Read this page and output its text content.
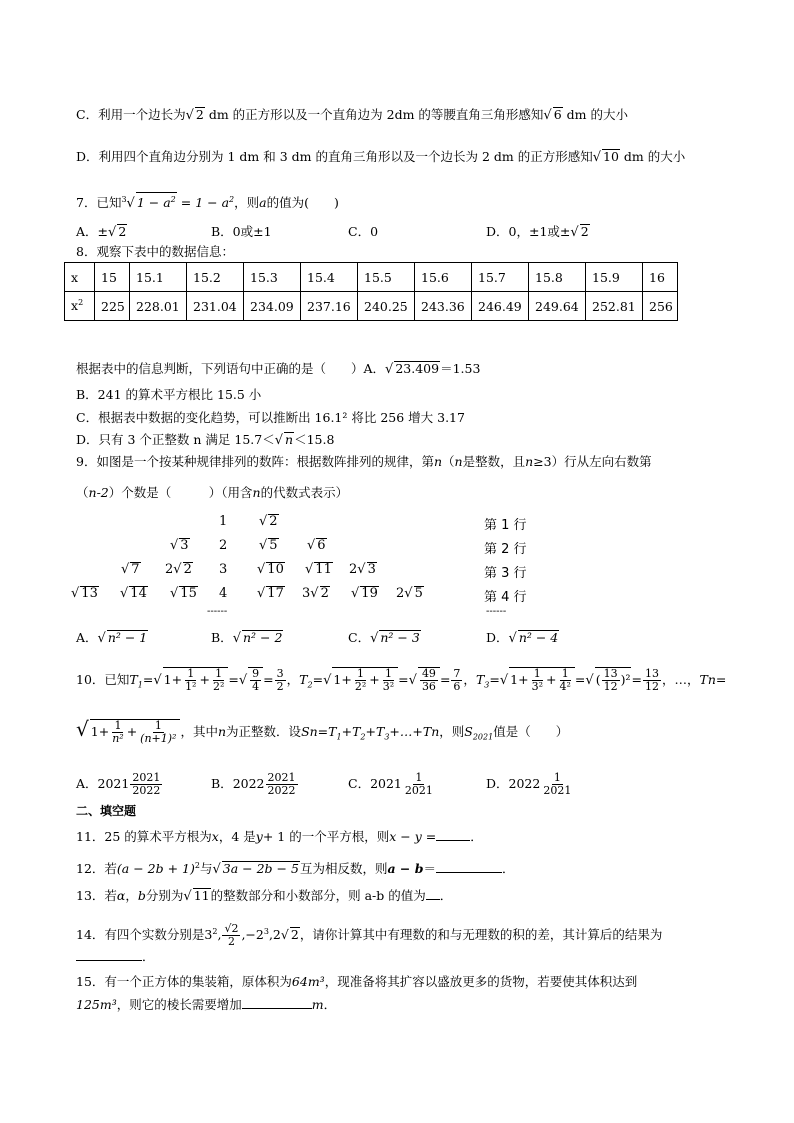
C．利用一个边长为√ 2 dm 的正方形以及一个直角边为 2dm 的等腰直角三角形感知√ 6 dm 的大小
D．利用四个直角边分别为 1 dm 和 3 dm 的直角三角形以及一个边长为 2 dm 的正方形感知√ 10 dm 的大小
7．已知$^3$√ $1 - a^2 = 1 - a^2$，则a的值为(　　)
A．±√ 2	B．0或±1	C．0	D．0，±1或±√ 2
8．观察下表中的数据信息：
x	15	15.1	15.2	15.3	15.4	15.5	15.6	15.7	15.8	15.9	16
$x^2$	225	228.01	231.04	234.09	237.16	240.25	243.36	246.49	249.64	252.81	256
根据表中的信息判断，下列语句中正确的是（　　）A．√ 23.409＝1.53
B．241 的算术平方根比 15.5 小
C．根据表中数据的变化趋势，可以推断出 16.1² 将比 256 增大 3.17
D．只有 3 个正整数 n 满足 15.7＜√ n＜15.8
9．如图是一个按某种规律排列的数阵：根据数阵排列的规律，第n（n是整数，且n≥3）行从左向右数第
（n-2）个数是（　　　）（用含n的代数式表示）
1 √ 2
√ 3 2 √ 5 √ 6
√ 7 2√ 2 3 √ 10 √ 11 2√ 3
√ 13 √ 14 √ 15 4 √ 17 3√ 2 √ 19 2√ 5
------	------
第 1 行
第 2 行
第 3 行
第 4 行
A．√ n² − 1	B．√ n² − 2	C．√ n² − 3	D．√ n² − 4
10．已知$T_1=√$ $1+ \frac{1}{\text{1²}} + \frac{1}{\text{2²}}$ =√ $\frac{9}{4} = \frac{3}{2}$ ，$T_2=√$ $1+ \frac{1}{\text{2²}} + \frac{1}{\text{3²}}$ =√ $\frac{49}{36} = \frac{7}{6}$ ，$T_3=√$ $1+ \frac{1}{\text{3²}} + \frac{1}{\text{4²}}$ =√ ( $\frac{13}{12} )^2= \frac{13}{12}$ ，…，Tn=
√ $1+ \frac{1}{\text{n²}} + \frac{1}{\text{(n+1)²}}$ ，其中n为正整数．设$Sn=T_1+T_2+T_3+\dots+Tn$，则$S_{2021}$值是（　　）
A．$2021 \frac{2021}{2022}$	B．$2022 \frac{2021}{2022}$	C．$2021 \frac{1}{2021}$	D．$2022 \frac{1}{2021}$
二、填空题
11．25 的算术平方根为x，4 是y+ 1 的一个平方根，则x − y =	．
12．若$(a - 2b + 1)^2$与√ 3a − 2b − 5互为相反数，则a − b＝	．
13．若α，b分别为√ 11的整数部分和小数部分，则 a-b 的值为 ．
14．有四个实数分别是$3^2$, $\frac{√2}{2} ,-2^3,2√$ 2，请你计算其中有理数的和与无理数的积的差，其计算后的结果为
．
15．有一个正方体的集装箱，原体积为64m³，现准备将其扩容以盛放更多的货物，若要使其体积达到
125m³，则它的棱长需要增加	m．
